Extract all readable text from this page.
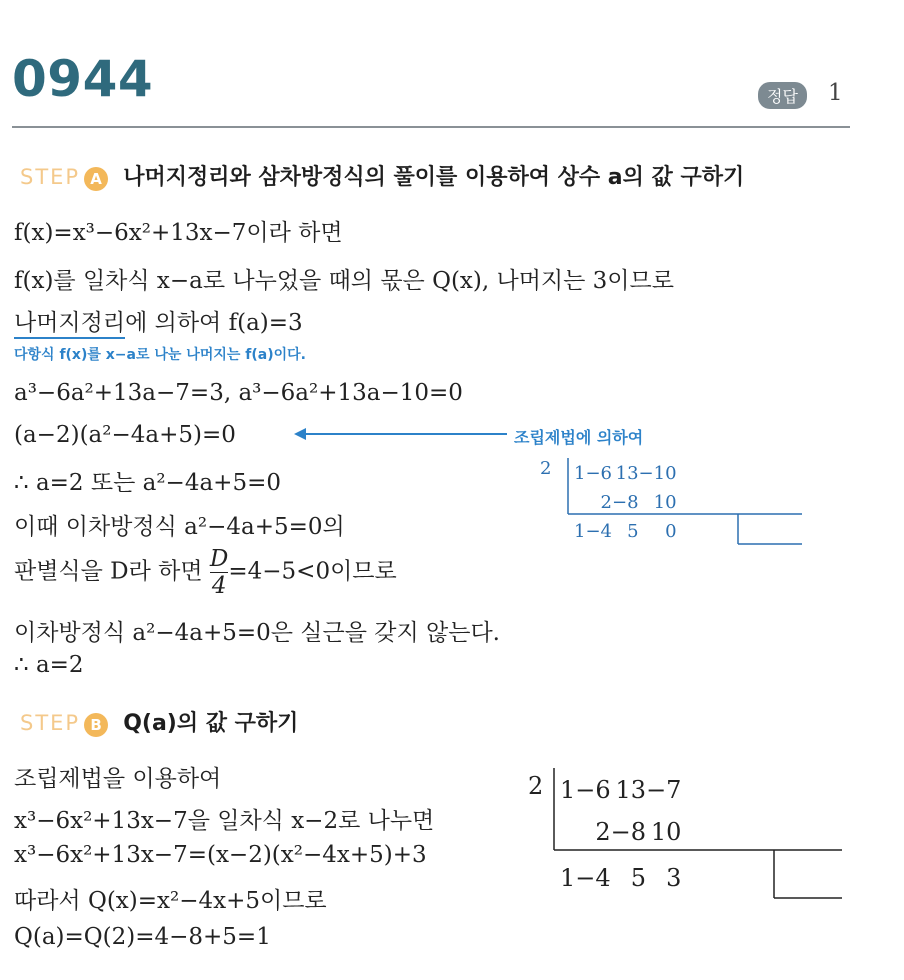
0944	정답	1
STEP A 나머지정리와 삼차방정식의 풀이를 이용하여 상수 a의 값 구하기
f(x)=x³−6x²+13x−7이라 하면
f(x)를 일차식 x−a로 나누었을 때의 몫은 Q(x), 나머지는 3이므로
나머지정리에 의하여 f(a)=3
다항식 f(x)를 x−a로 나눈 나머지는 f(a)이다.
a³−6a²+13a−7=3, a³−6a²+13a−10=0
(a−2)(a²−4a+5)=0	조립제법에 의하여
∴ a=2 또는 a²−4a+5=0
2 1	−6	13	−10
	2	−8	10
1	−4	5	0
이때 이차방정식 a²−4a+5=0의
판별식을 D라 하면 $\frac{D}{4} =4-5<0$이므로
이차방정식 a²−4a+5=0은 실근을 갖지 않는다.
∴ a=2
STEP B Q(a)의 값 구하기
조립제법을 이용하여
x³−6x²+13x−7을 일차식 x−2로 나누면
x³−6x²+13x−7=(x−2)(x²−4x+5)+3
따라서 Q(x)=x²−4x+5이므로
Q(a)=Q(2)=4−8+5=1
2 1	−6	13	−7
	2	−8	10
1	−4	5	3
